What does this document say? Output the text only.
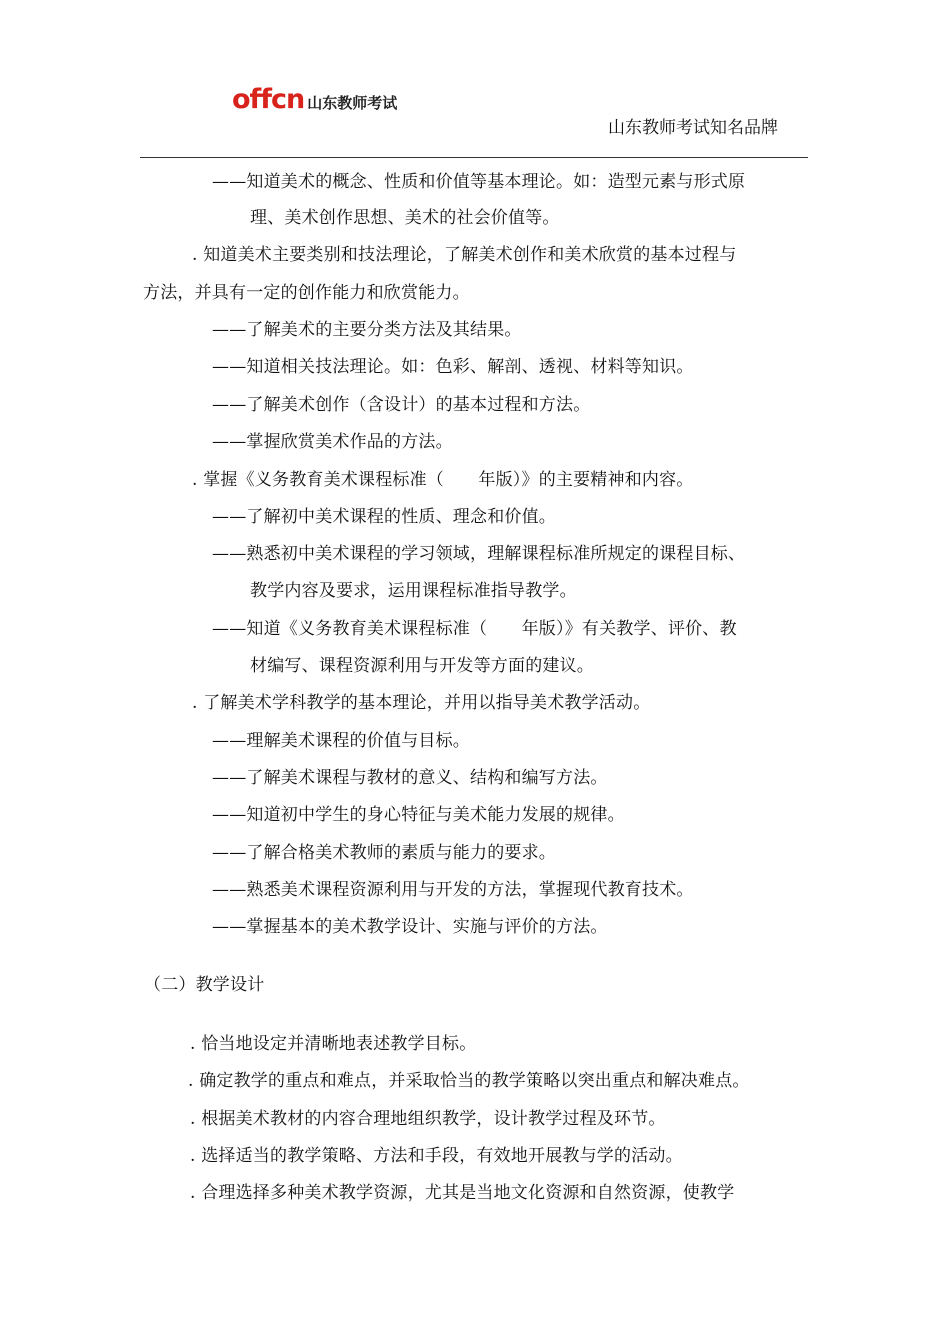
offcn 山东教师考试
山东教师考试知名品牌
——知道美术的概念、性质和价值等基本理论。如：造型元素与形式原
理、美术创作思想、美术的社会价值等。
. 知道美术主要类别和技法理论，了解美术创作和美术欣赏的基本过程与
方法，并具有一定的创作能力和欣赏能力。
——了解美术的主要分类方法及其结果。
——知道相关技法理论。如：色彩、解剖、透视、材料等知识。
——了解美术创作（含设计）的基本过程和方法。
——掌握欣赏美术作品的方法。
. 掌握《义务教育美术课程标准（　　年版）》的主要精神和内容。
——了解初中美术课程的性质、理念和价值。
——熟悉初中美术课程的学习领域，理解课程标准所规定的课程目标、
教学内容及要求，运用课程标准指导教学。
——知道《义务教育美术课程标准（　　年版）》有关教学、评价、教
材编写、课程资源利用与开发等方面的建议。
. 了解美术学科教学的基本理论，并用以指导美术教学活动。
——理解美术课程的价值与目标。
——了解美术课程与教材的意义、结构和编写方法。
——知道初中学生的身心特征与美术能力发展的规律。
——了解合格美术教师的素质与能力的要求。
——熟悉美术课程资源利用与开发的方法，掌握现代教育技术。
——掌握基本的美术教学设计、实施与评价的方法。
（二）教学设计
. 恰当地设定并清晰地表述教学目标。
. 确定教学的重点和难点，并采取恰当的教学策略以突出重点和解决难点。
. 根据美术教材的内容合理地组织教学，设计教学过程及环节。
. 选择适当的教学策略、方法和手段，有效地开展教与学的活动。
. 合理选择多种美术教学资源，尤其是当地文化资源和自然资源，使教学
